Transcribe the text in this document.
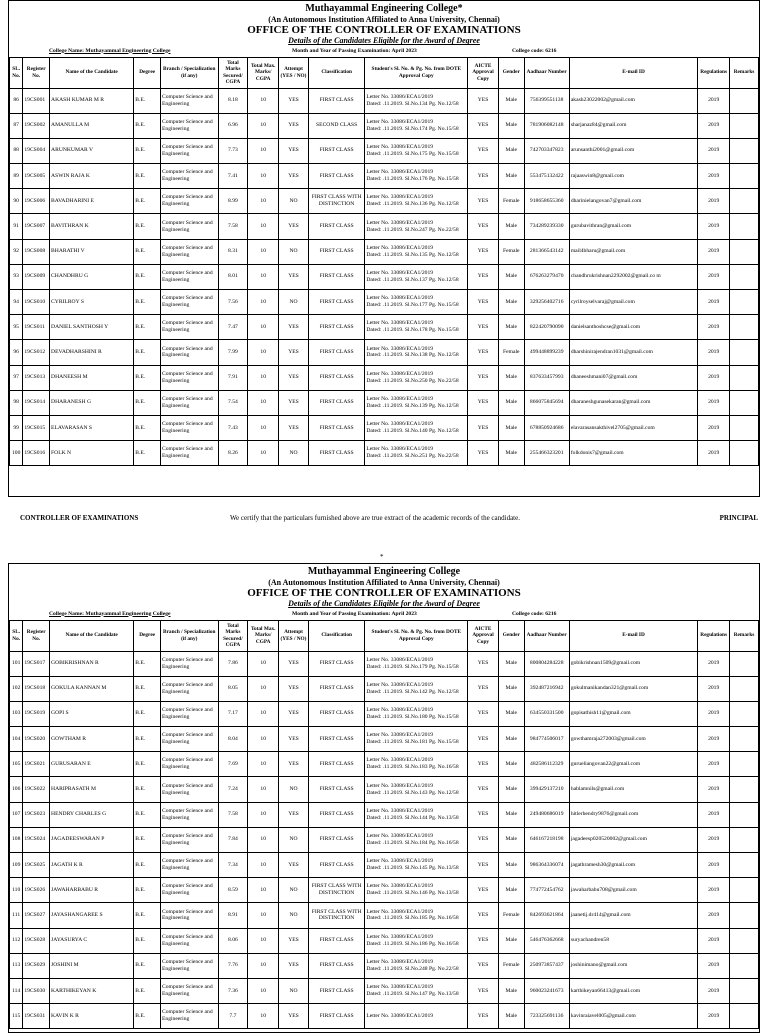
Muthayammal Engineering College*
(An Autonomous Institution Affiliated to Anna University, Chennai)
OFFICE OF THE CONTROLLER OF EXAMINATIONS
Details of the Candidates Eligible for the Award of Degree
College Name: Muthayammal Engineering College	Month and Year of Passing Examination: April 2023	College code: 6216
SL. No.	Register No.	Name of the Candidate	Degree	Branch / Specialization (if any)	Total Marks Secured/ CGPA	Total Max. Marks/ CGPA	Attempt (YES / NO)	Classification	Student's Sl. No. & Pg. No. from DOTE Approval Copy	AICTE Approval Copy	Gender	Aadhaar Number	E-mail ID	Regulations	Remarks
86	19CS001	AKASH KUMAR M R	B.E.	Computer Science and Engineering	8.18	10	YES	FIRST CLASS	Letter No. 33086/ECA1/2019
Dated: .11.2019. Sl.No.134 Pg. No.12/58	YES	Male	756399551138	akash23022002@gmail.com	2019	
87	19CS002	AMANULLA M	B.E.	Computer Science and Engineering	6.96	10	YES	SECOND CLASS	Letter No. 33086/ECA1/2019
Dated: .11.2019. Sl.No.174 Pg. No.15/58	YES	Male	781906082148	sharjanaz84@gmail.com	2019	
88	19CS004	ARUNKUMAR V	B.E.	Computer Science and Engineering	7.73	10	YES	FIRST CLASS	Letter No. 33086/ECA1/2019
Dated: .11.2019. Sl.No.175 Pg. No.15/58	YES	Male	742703347823	arunsanthi2001@gmail.com	2019	
89	19CS005	ASWIN RAJA K	B.E.	Computer Science and Engineering	7.41	10	YES	FIRST CLASS	Letter No. 33086/ECA1/2019
Dated: .11.2019. Sl.No.176 Pg. No.15/58	YES	Male	553475132422	rajaaswin8@gmail.com	2019	
90	19CS006	BAVADHARINI E	B.E.	Computer Science and Engineering	8.99	10	NO	FIRST CLASS WITH DISTINCTION	Letter No. 33086/ECA1/2019
Dated: .11.2019. Sl.No.136 Pg. No.12/58	YES	Female	918658655360	dharinielangovan7@gmail.com	2019	
91	19CS007	BAVITHRAN K	B.E.	Computer Science and Engineering	7.58	10	YES	FIRST CLASS	Letter No. 33086/ECA1/2019
Dated: .11.2019. Sl.No.247 Pg. No.22/58	YES	Male	734289239330	gurubavithran@gmail.com	2019	
92	19CS008	BHARATHI V	B.E.	Computer Science and Engineering	8.31	10	NO	FIRST CLASS	Letter No. 33086/ECA1/2019
Dated: .11.2019. Sl.No.135 Pg. No.12/58	YES	Female	281366543142	mail4bharu@gmail.com	2019	
93	19CS009	CHANDHRU G	B.E.	Computer Science and Engineering	8.01	10	YES	FIRST CLASS	Letter No. 33086/ECA1/2019
Dated: .11.2019. Sl.No.137 Pg. No.12/58	YES	Male	676263279470	chandhrukrishnan2292002@gmail.co m	2019	
94	19CS010	CYRILROY S	B.E.	Computer Science and Engineering	7.56	10	NO	FIRST CLASS	Letter No. 33086/ECA1/2019
Dated: .11.2019. Sl.No.177 Pg. No.15/58	YES	Male	329256402716	cyrilroyselvaraj@gmail.com	2019	
95	19CS011	DANIEL SANTHOSH Y	B.E.	Computer Science and Engineering	7.47	10	YES	FIRST CLASS	Letter No. 33086/ECA1/2019
Dated: .11.2019. Sl.No.178 Pg. No.15/58	YES	Male	822420790090	danielsanthoshcse@gmail.com	2019	
96	19CS012	DEVADHARSHINI R	B.E.	Computer Science and Engineering	7.99	10	YES	FIRST CLASS	Letter No. 33086/ECA1/2019
Dated: .11.2019. Sl.No.138 Pg. No.12/58	YES	Female	499448899239	dharshinirajendran1031@gmail.com	2019	
97	19CS013	DHANEESH M	B.E.	Computer Science and Engineering	7.91	10	YES	FIRST CLASS	Letter No. 33086/ECA1/2019
Dated: .11.2019. Sl.No.250 Pg. No.22/58	YES	Male	837633457993	dhaneeshmani07@gmail.com	2019	
98	19CS014	DHARANESH G	B.E.	Computer Science and Engineering	7.54	10	YES	FIRST CLASS	Letter No. 33086/ECA1/2019
Dated: .11.2019. Sl.No.139 Pg. No.12/58	YES	Male	866075845694	dharaneshgunasekaran@gmail.com	2019	
99	19CS015	ELAVARASAN S	B.E.	Computer Science and Engineering	7.43	10	YES	FIRST CLASS	Letter No. 33086/ECA1/2019
Dated: .11.2019. Sl.No.140 Pg. No.12/58	YES	Male	678850924686	elavarasansakthivel2705@gmail.com	2019	
100	19CS016	FOLK N	B.E.	Computer Science and Engineering	8.26	10	NO	FIRST CLASS	Letter No. 33086/ECA1/2019
Dated: .11.2019. Sl.No.251 Pg. No.22/58	YES	Male	255466323201	folkdonis7@gmail.com	2019	
CONTROLLER OF EXAMINATIONS	We certify that the particulars furnished above are true extract of the academic records of the candidate.	PRINCIPAL
*
Muthayammal Engineering College
(An Autonomous Institution Affiliated to Anna University, Chennai)
OFFICE OF THE CONTROLLER OF EXAMINATIONS
Details of the Candidates Eligible for the Award of Degree
College Name: Muthayammal Engineering College	Month and Year of Passing Examination: April 2023	College code: 6216
SL. No.	Register No.	Name of the Candidate	Degree	Branch / Specialization (if any)	Total Marks Secured/ CGPA	Total Max. Marks/ CGPA	Attempt (YES / NO)	Classification	Student's Sl. No. & Pg. No. from DOTE Approval Copy	AICTE Approval Copy	Gender	Aadhaar Number	E-mail ID	Regulations	Remarks
101	19CS017	GOBIKRISHNAN R	B.E.	Computer Science and Engineering	7.86	10	YES	FIRST CLASS	Letter No. 33086/ECA1/2019
Dated: .11.2019. Sl.No.179 Pg. No.15/58	YES	Male	800804284228	gobikrishnan1509@gmail.com	2019	
102	19CS018	GOKULA KANNAN M	B.E.	Computer Science and Engineering	8.05	10	YES	FIRST CLASS	Letter No. 33086/ECA1/2019
Dated: .11.2019. Sl.No.142 Pg. No.12/58	YES	Male	392487216942	gokulmanikandan321@gmail.com	2019	
103	19CS019	GOPI S	B.E.	Computer Science and Engineering	7.17	10	YES	FIRST CLASS	Letter No. 33086/ECA1/2019
Dated: .11.2019. Sl.No.180 Pg. No.15/58	YES	Male	634550331500	gopisathish11@gmail.com	2019	
104	19CS020	GOWTHAM R	B.E.	Computer Science and Engineering	8.04	10	YES	FIRST CLASS	Letter No. 33086/ECA1/2019
Dated: .11.2019. Sl.No.181 Pg. No.15/58	YES	Male	984774506017	gowthamraja272003@gmail.com	2019	
105	19CS021	GURUSARAN E	B.E.	Computer Science and Engineering	7.69	10	YES	FIRST CLASS	Letter No. 33086/ECA1/2019
Dated: .11.2019. Sl.No.183 Pg. No.16/58	YES	Male	482586112329	gurueliangovan22@gmail.com	2019	
106	19CS022	HARIPRASATH M	B.E.	Computer Science and Engineering	7.24	10	NO	FIRST CLASS	Letter No. 33086/ECA1/2019
Dated: .11.2019. Sl.No.143 Pg. No.12/58	YES	Male	399429137210	hablamnils@gmail.com	2019	
107	19CS023	HENDRY CHARLES G	B.E.	Computer Science and Engineering	7.58	10	YES	FIRST CLASS	Letter No. 33086/ECA1/2019
Dated: .11.2019. Sl.No.144 Pg. No.13/58	YES	Male	249480686019	hitlerhendry9876@gmail.com	2019	
108	19CS024	JAGADEESWARAN P	B.E.	Computer Science and Engineering	7.84	10	NO	FIRST CLASS	Letter No. 33086/ECA1/2019
Dated: .11.2019. Sl.No.184 Pg. No.16/58	YES	Male	646167218198	jagadeesp020520002@gmail.com	2019	
109	19CS025	JAGATH K R	B.E.	Computer Science and Engineering	7.34	10	YES	FIRST CLASS	Letter No. 33086/ECA1/2019
Dated: .11.2019. Sl.No.145 Pg. No.13/58	YES	Male	986364336074	jagathramesh30@gmail.com	2019	
110	19CS026	JAWAHARBABU R	B.E.	Computer Science and Engineering	8.59	10	NO	FIRST CLASS WITH DISTINCTION	Letter No. 33086/ECA1/2019
Dated: .11.2019. Sl.No.146 Pg. No.13/58	YES	Male	774772454762	jawaharbabu708@gmail.com	2019	
111	19CS027	JAYASHANGAREE S	B.E.	Computer Science and Engineering	8.91	10	NO	FIRST CLASS WITH DISTINCTION	Letter No. 33086/ECA1/2019
Dated: .11.2019. Sl.No.185 Pg. No.16/58	YES	Female	842693621864	jaanetij.dr414@gmail.com	2019	
112	19CS028	JAYASURYA C	B.E.	Computer Science and Engineering	8.06	10	YES	FIRST CLASS	Letter No. 33086/ECA1/2019
Dated: .11.2019. Sl.No.186 Pg. No.16/58	YES	Male	546476362668	suryachandren58	2019	
113	19CS029	JOSHINI M	B.E.	Computer Science and Engineering	7.76	10	YES	FIRST CLASS	Letter No. 33086/ECA1/2019
Dated: .11.2019. Sl.No.248 Pg. No.22/58	YES	Female	250973857437	joshinimano@gmail.com	2019	
114	19CS030	KARTHIKEYAN K	B.E.	Computer Science and Engineering	7.36	10	NO	FIRST CLASS	Letter No. 33086/ECA1/2019
Dated: .11.2019. Sl.No.147 Pg. No.13/58	YES	Male	960023241673	karthikeyan66413@gmail.com	2019	
115	19CS031	KAVIN K R	B.E.	Computer Science and Engineering	7.7	10	YES	FIRST CLASS	Letter No. 33086/ECA1/2019	YES	Male	723325691136	kavinraiavel005@gmail.com	2019	
